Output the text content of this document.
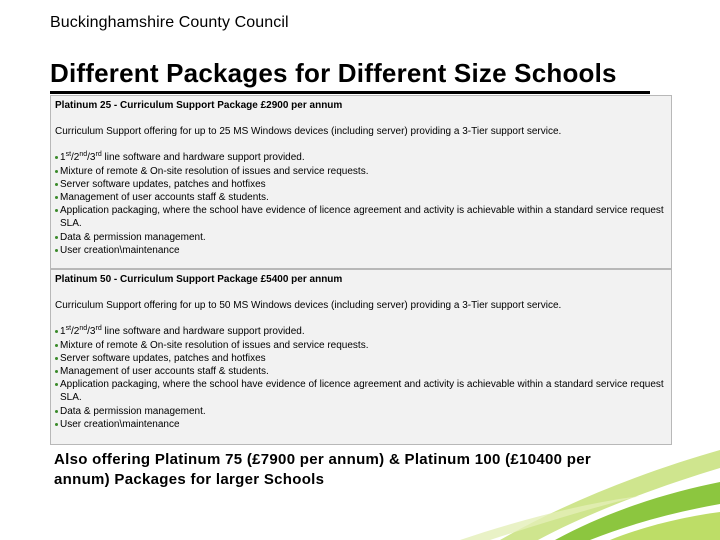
Buckinghamshire County Council
Different Packages for Different Size Schools
Platinum 25 - Curriculum Support Package £2900 per annum
Curriculum Support offering for up to 25 MS Windows devices (including server) providing a 3-Tier support service.
1st/2nd/3rd line software and hardware support provided.
Mixture of remote & On-site resolution of issues and service requests.
Server software updates, patches and hotfixes
Management of user accounts staff & students.
Application packaging, where the school have evidence of licence agreement and activity is achievable within a standard service request SLA.
Data & permission management.
User creation\maintenance
Platinum 50 - Curriculum Support Package £5400 per annum
Curriculum Support offering for up to 50 MS Windows devices (including server) providing a 3-Tier support service.
1st/2nd/3rd line software and hardware support provided.
Mixture of remote & On-site resolution of issues and service requests.
Server software updates, patches and hotfixes
Management of user accounts staff & students.
Application packaging, where the school have evidence of licence agreement and activity is achievable within a standard service request SLA.
Data & permission management.
User creation\maintenance
Also offering Platinum 75 (£7900 per annum) & Platinum 100 (£10400 per annum) Packages for larger Schools
